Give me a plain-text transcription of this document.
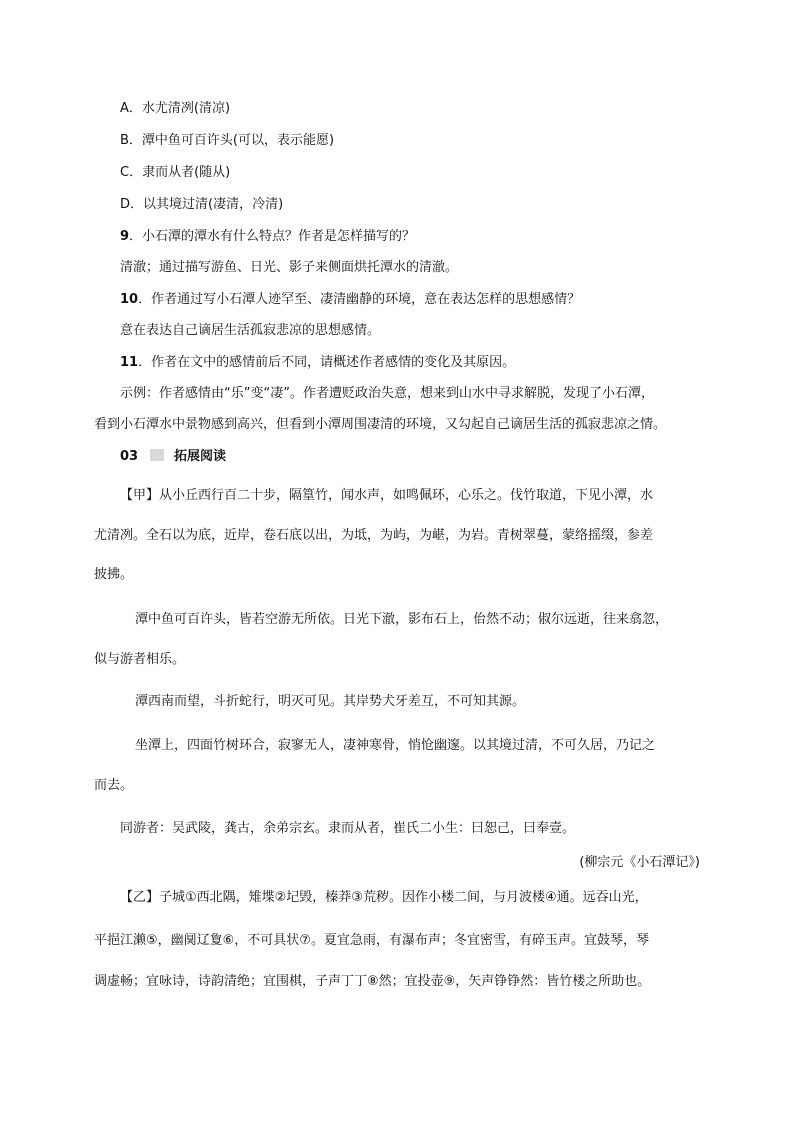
A．水尤清冽(清凉)
B．潭中鱼可百许头(可以，表示能愿)
C．隶而从者(随从)
D．以其境过清(凄清，冷清)
9．小石潭的潭水有什么特点？作者是怎样描写的？
清澈；通过描写游鱼、日光、影子来侧面烘托潭水的清澈。
10．作者通过写小石潭人迹罕至、凄清幽静的环境，意在表达怎样的思想感情？
意在表达自己谪居生活孤寂悲凉的思想感情。
11．作者在文中的感情前后不同，请概述作者感情的变化及其原因。
示例：作者感情由“乐”变“凄”。作者遭贬政治失意，想来到山水中寻求解脱，发现了小石潭，
看到小石潭水中景物感到高兴，但看到小潭周围凄清的环境，又勾起自己谪居生活的孤寂悲凉之情。
03	拓展阅读
【甲】从小丘西行百二十步，隔篁竹，闻水声，如鸣佩环，心乐之。伐竹取道，下见小潭，水
尤清冽。全石以为底，近岸，卷石底以出，为坻，为屿，为嵁，为岩。青树翠蔓，蒙络摇缀，参差
披拂。
潭中鱼可百许头，皆若空游无所依。日光下澈，影布石上，佁然不动；俶尔远逝，往来翕忽，
似与游者相乐。
潭西南而望，斗折蛇行，明灭可见。其岸势犬牙差互，不可知其源。
坐潭上，四面竹树环合，寂寥无人，凄神寒骨，悄怆幽邃。以其境过清，不可久居，乃记之
而去。
同游者：吴武陵，龚古，余弟宗玄。隶而从者，崔氏二小生：曰恕己，曰奉壹。
(柳宗元《小石潭记》)
【乙】子城①西北隅，雉堞②圮毁，榛莽③荒秽。因作小楼二间，与月波楼④通。远吞山光，
平挹江濑⑤，幽阒辽夐⑥，不可具状⑦。夏宜急雨，有瀑布声；冬宜密雪，有碎玉声。宜鼓琴，琴
调虚畅；宜咏诗，诗韵清绝；宜围棋，子声丁丁⑧然；宜投壶⑨，矢声铮铮然：皆竹楼之所助也。
